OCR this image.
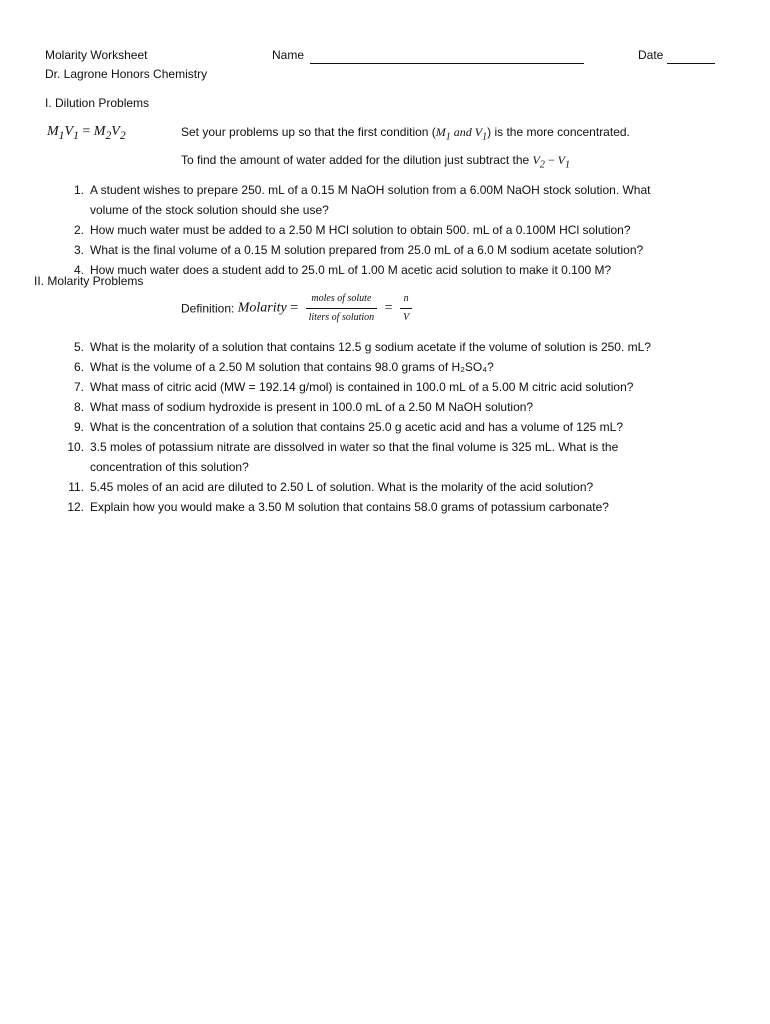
Molarity Worksheet
Dr. Lagrone Honors Chemistry
Name	Date
I. Dilution Problems
$M_1V_1 = M_2V_2$	Set your problems up so that the first condition ($M_1$ and $V_1$) is the more concentrated.
To find the amount of water added for the dilution just subtract the $V_2 - V_1$
1. A student wishes to prepare 250. mL of a 0.15 M NaOH solution from a 6.00M NaOH stock solution. What
volume of the stock solution should she use?
2. How much water must be added to a 2.50 M HCl solution to obtain 500. mL of a 0.100M HCl solution?
3. What is the final volume of a 0.15 M solution prepared from 25.0 mL of a 6.0 M sodium acetate solution?
4. How much water does a student add to 25.0 mL of 1.00 M acetic acid solution to make it 0.100 M?
II. Molarity Problems
Definition: Molarity = $\frac{\text{moles of solute}}{\text{liters of solution}} = \frac{n}{V}$
5. What is the molarity of a solution that contains 12.5 g sodium acetate if the volume of solution is 250. mL?
6. What is the volume of a 2.50 M solution that contains 98.0 grams of H₂SO₄?
7. What mass of citric acid (MW = 192.14 g/mol) is contained in 100.0 mL of a 5.00 M citric acid solution?
8. What mass of sodium hydroxide is present in 100.0 mL of a 2.50 M NaOH solution?
9. What is the concentration of a solution that contains 25.0 g acetic acid and has a volume of 125 mL?
10. 3.5 moles of potassium nitrate are dissolved in water so that the final volume is 325 mL. What is the
concentration of this solution?
11. 5.45 moles of an acid are diluted to 2.50 L of solution. What is the molarity of the acid solution?
12. Explain how you would make a 3.50 M solution that contains 58.0 grams of potassium carbonate?
